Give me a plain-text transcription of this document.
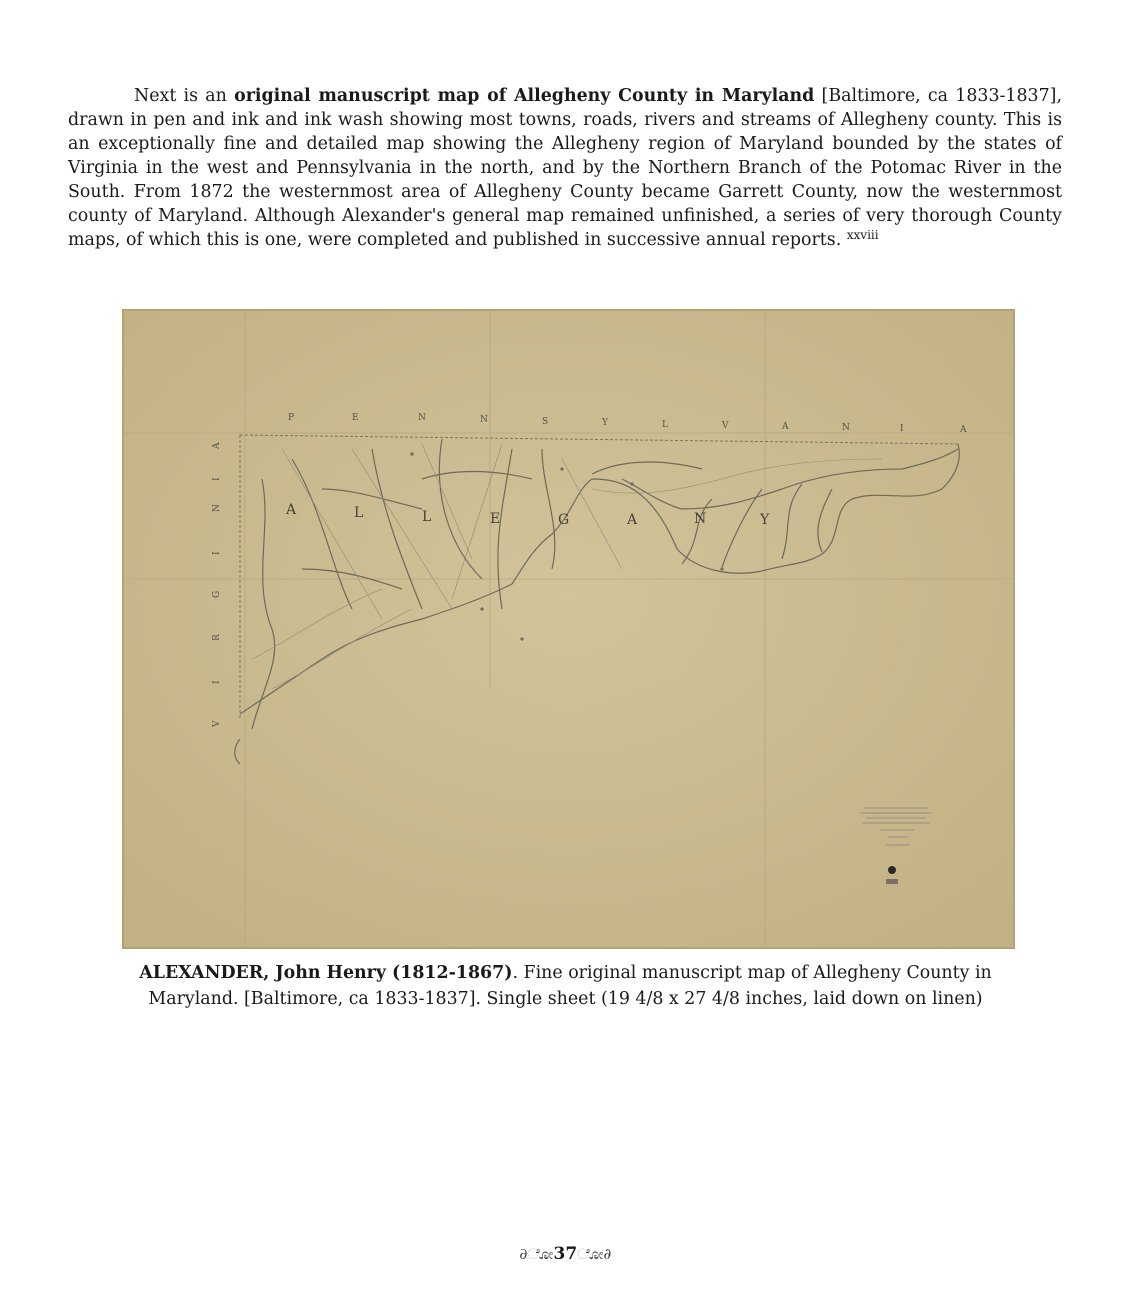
Next is an original manuscript map of Allegheny County in Maryland [Baltimore, ca 1833-1837], drawn in pen and ink and ink wash showing most towns, roads, rivers and streams of Allegheny county. This is an exceptionally fine and detailed map showing the Allegheny region of Maryland bounded by the states of Virginia in the west and Pennsylvania in the north, and by the Northern Branch of the Potomac River in the South. From 1872 the westernmost area of Allegheny County became Garrett County, now the westernmost county of Maryland. Although Alexander's general map remained unfinished, a series of very thorough County maps, of which this is one, were completed and published in successive annual reports. $^{xxviii}$

P	E	N	N	S	Y	L	V	A	N	I	A
A	L	L	E	G	A	N	Y
V
I
R
G
I
N
I
A

ALEXANDER, John Henry (1812-1867). Fine original manuscript map of Allegheny County in
Maryland. [Baltimore, ca 1833-1837]. Single sheet (19 4/8 x 27 4/8 inches, laid down on linen)

∂ೋ37ೋ∂
